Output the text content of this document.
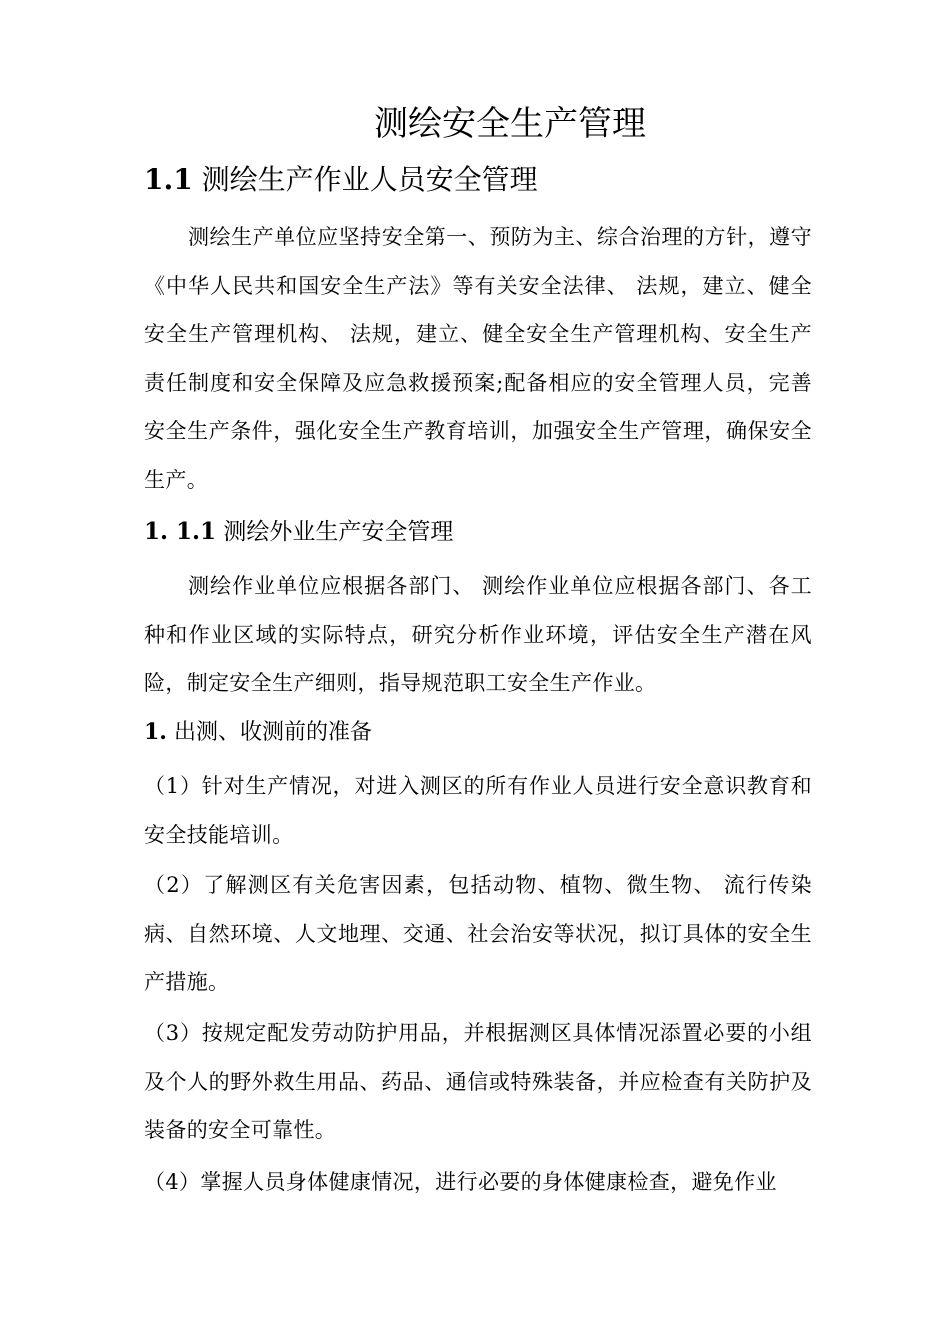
测绘安全生产管理
1.1 测绘生产作业人员安全管理

测绘生产单位应坚持安全第一、预防为主、综合治理的方针，遵守《中华人民共和国安全生产法》等有关安全法律、 法规，建立、健全安全生产管理机构、 法规，建立、健全安全生产管理机构、安全生产责任制度和安全保障及应急救援预案;配备相应的安全管理人员，完善安全生产条件，强化安全生产教育培训，加强安全生产管理，确保安全生产。

1. 1.1 测绘外业生产安全管理

测绘作业单位应根据各部门、 测绘作业单位应根据各部门、各工种和作业区域的实际特点，研究分析作业环境，评估安全生产潜在风险，制定安全生产细则，指导规范职工安全生产作业。

1. 出测、收测前的准备

（1）针对生产情况，对进入测区的所有作业人员进行安全意识教育和安全技能培训。

（2）了解测区有关危害因素，包括动物、植物、微生物、 流行传染病、自然环境、人文地理、交通、社会治安等状况，拟订具体的安全生产措施。

（3）按规定配发劳动防护用品，并根据测区具体情况添置必要的小组及个人的野外救生用品、药品、通信或特殊装备，并应检查有关防护及装备的安全可靠性。

（4）掌握人员身体健康情况，进行必要的身体健康检查，避免作业
